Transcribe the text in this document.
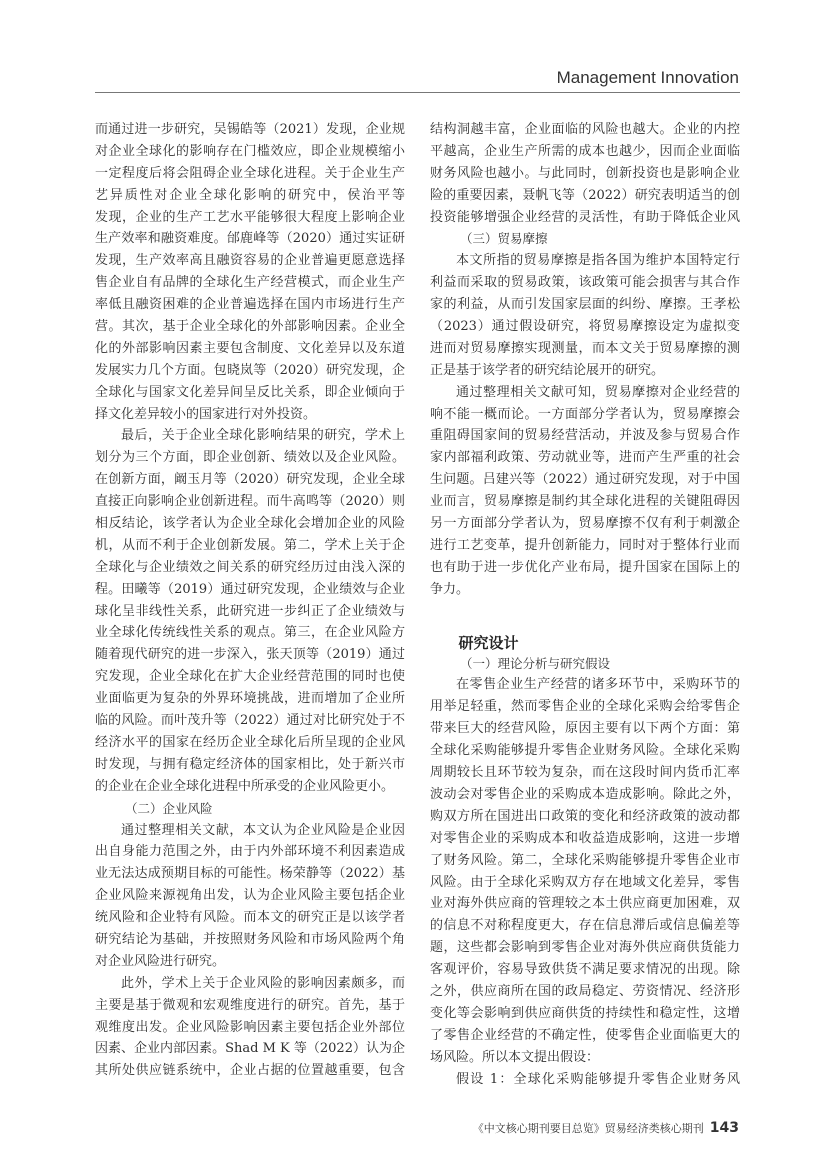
Management Innovation
而通过进一步研究，吴锡皓等（2021）发现，企业规
对企业全球化的影响存在门槛效应，即企业规模缩小
一定程度后将会阻碍企业全球化进程。关于企业生产
艺异质性对企业全球化影响的研究中，侯治平等
发现，企业的生产工艺水平能够很大程度上影响企业
生产效率和融资难度。邰鹿峰等（2020）通过实证研
发现，生产效率高且融资容易的企业普遍更愿意选择
售企业自有品牌的全球化生产经营模式，而企业生产
率低且融资困难的企业普遍选择在国内市场进行生产
营。其次，基于企业全球化的外部影响因素。企业全
化的外部影响因素主要包含制度、文化差异以及东道
发展实力几个方面。包晓岚等（2020）研究发现，企
全球化与国家文化差异间呈反比关系，即企业倾向于
择文化差异较小的国家进行对外投资。
最后，关于企业全球化影响结果的研究，学术上
划分为三个方面，即企业创新、绩效以及企业风险。
在创新方面，阚玉月等（2020）研究发现，企业全球
直接正向影响企业创新进程。而牛高鸣等（2020）则
相反结论，该学者认为企业全球化会增加企业的风险
机，从而不利于企业创新发展。第二，学术上关于企
全球化与企业绩效之间关系的研究经历过由浅入深的
程。田曦等（2019）通过研究发现，企业绩效与企业
球化呈非线性关系，此研究进一步纠正了企业绩效与
业全球化传统线性关系的观点。第三，在企业风险方
随着现代研究的进一步深入，张天顶等（2019）通过
究发现，企业全球化在扩大企业经营范围的同时也使
业面临更为复杂的外界环境挑战，进而增加了企业所
临的风险。而叶茂升等（2022）通过对比研究处于不
经济水平的国家在经历企业全球化后所呈现的企业风
时发现，与拥有稳定经济体的国家相比，处于新兴市
的企业在企业全球化进程中所承受的企业风险更小。
（二）企业风险
通过整理相关文献，本文认为企业风险是企业因
出自身能力范围之外，由于内外部环境不利因素造成
业无法达成预期目标的可能性。杨荣静等（2022）基
企业风险来源视角出发，认为企业风险主要包括企业
统风险和企业特有风险。而本文的研究正是以该学者
研究结论为基础，并按照财务风险和市场风险两个角
对企业风险进行研究。
此外，学术上关于企业风险的影响因素颇多，而
主要是基于微观和宏观维度进行的研究。首先，基于
观维度出发。企业风险影响因素主要包括企业外部位
因素、企业内部因素。Shad M K 等（2022）认为企
其所处供应链系统中，企业占据的位置越重要，包含
结构洞越丰富，企业面临的风险也越大。企业的内控
平越高，企业生产所需的成本也越少，因而企业面临
财务风险也越小。与此同时，创新投资也是影响企业
险的重要因素，聂帆飞等（2022）研究表明适当的创
投资能够增强企业经营的灵活性，有助于降低企业风
（三）贸易摩擦
本文所指的贸易摩擦是指各国为维护本国特定行
利益而采取的贸易政策，该政策可能会损害与其合作
家的利益，从而引发国家层面的纠纷、摩擦。王孝松
（2023）通过假设研究，将贸易摩擦设定为虚拟变
进而对贸易摩擦实现测量，而本文关于贸易摩擦的测
正是基于该学者的研究结论展开的研究。
通过整理相关文献可知，贸易摩擦对企业经营的
响不能一概而论。一方面部分学者认为，贸易摩擦会
重阻碍国家间的贸易经营活动，并波及参与贸易合作
家内部福利政策、劳动就业等，进而产生严重的社会
生问题。吕建兴等（2022）通过研究发现，对于中国
业而言，贸易摩擦是制约其全球化进程的关键阻碍因
另一方面部分学者认为，贸易摩擦不仅有利于刺激企
进行工艺变革，提升创新能力，同时对于整体行业而
也有助于进一步优化产业布局，提升国家在国际上的
争力。
研究设计
（一）理论分析与研究假设
在零售企业生产经营的诸多环节中，采购环节的
用举足轻重，然而零售企业的全球化采购会给零售企
带来巨大的经营风险，原因主要有以下两个方面：第
全球化采购能够提升零售企业财务风险。全球化采购
周期较长且环节较为复杂，而在这段时间内货币汇率
波动会对零售企业的采购成本造成影响。除此之外，
购双方所在国进出口政策的变化和经济政策的波动都
对零售企业的采购成本和收益造成影响，这进一步增
了财务风险。第二，全球化采购能够提升零售企业市
风险。由于全球化采购双方存在地域文化差异，零售
业对海外供应商的管理较之本土供应商更加困难，双
的信息不对称程度更大，存在信息滞后或信息偏差等
题，这些都会影响到零售企业对海外供应商供货能力
客观评价，容易导致供货不满足要求情况的出现。除
之外，供应商所在国的政局稳定、劳资情况、经济形
变化等会影响到供应商供货的持续性和稳定性，这增
了零售企业经营的不确定性，使零售企业面临更大的
场风险。所以本文提出假设：
假设 1：全球化采购能够提升零售企业财务风
《中文核心期刊要目总览》贸易经济类核心期刊 143
